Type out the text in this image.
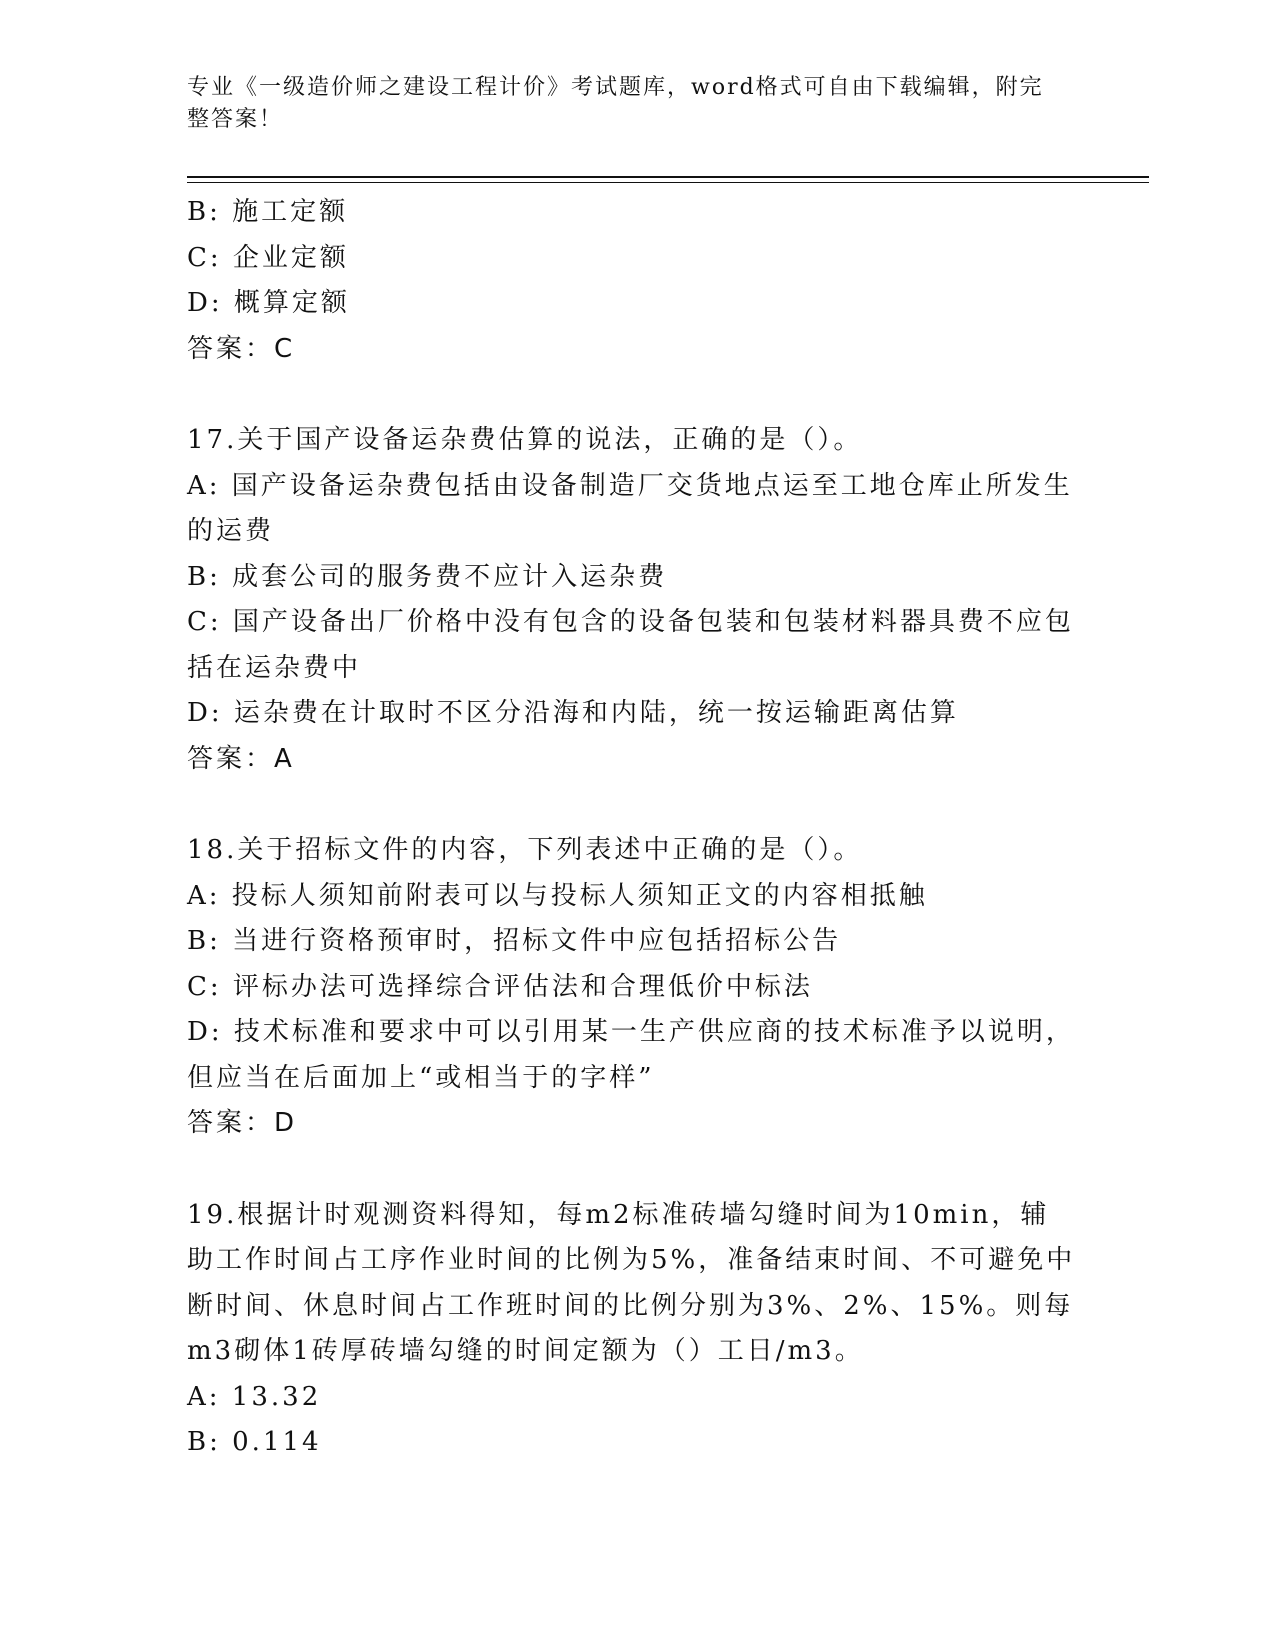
专业《一级造价师之建设工程计价》考试题库，word格式可自由下载编辑，附完整答案！

B: 施工定额

C: 企业定额

D: 概算定额

答案：C

17.关于国产设备运杂费估算的说法，正确的是（）。

A: 国产设备运杂费包括由设备制造厂交货地点运至工地仓库止所发生的运费

B: 成套公司的服务费不应计入运杂费

C: 国产设备出厂价格中没有包含的设备包装和包装材料器具费不应包括在运杂费中

D: 运杂费在计取时不区分沿海和内陆，统一按运输距离估算

答案：A

18.关于招标文件的内容，下列表述中正确的是（）。

A: 投标人须知前附表可以与投标人须知正文的内容相抵触

B: 当进行资格预审时，招标文件中应包括招标公告

C: 评标办法可选择综合评估法和合理低价中标法

D: 技术标准和要求中可以引用某一生产供应商的技术标准予以说明，但应当在后面加上“或相当于的字样”

答案：D

19.根据计时观测资料得知，每m2标准砖墙勾缝时间为10min，辅助工作时间占工序作业时间的比例为5%，准备结束时间、不可避免中断时间、休息时间占工作班时间的比例分别为3%、2%、15%。则每m3砌体1砖厚砖墙勾缝的时间定额为（）工日/m3。

A: 13.32

B: 0.114
